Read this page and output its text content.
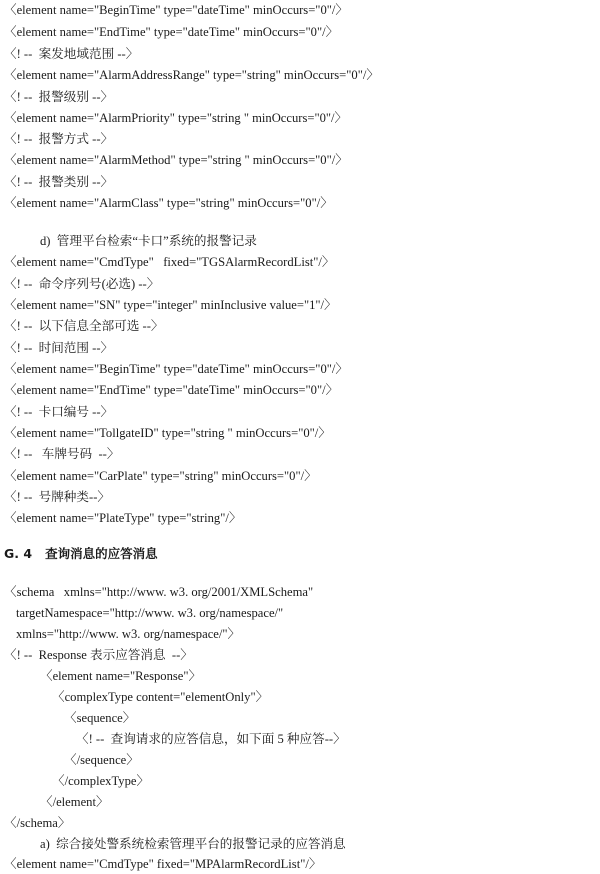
〈element name="BeginTime" type="dateTime" minOccurs="0"/〉
〈element name="EndTime" type="dateTime" minOccurs="0"/〉
〈! --  案发地域范围 --〉
〈element name="AlarmAddressRange" type="string" minOccurs="0"/〉
〈! --  报警级别 --〉
〈element name="AlarmPriority" type="string " minOccurs="0"/〉
〈! --  报警方式 --〉
〈element name="AlarmMethod" type="string " minOccurs="0"/〉
〈! --  报警类别 --〉
〈element name="AlarmClass" type="string" minOccurs="0"/〉
d)  管理平台检索“卡口”系统的报警记录
〈element name="CmdType"   fixed="TGSAlarmRecordList"/〉
〈! --  命令序列号(必选) --〉
〈element name="SN" type="integer" minInclusive value="1"/〉
〈! --  以下信息全部可选 --〉
〈! --  时间范围 --〉
〈element name="BeginTime" type="dateTime" minOccurs="0"/〉
〈element name="EndTime" type="dateTime" minOccurs="0"/〉
〈! --  卡口编号 --〉
〈element name="TollgateID" type="string " minOccurs="0"/〉
〈! --   车牌号码  --〉
〈element name="CarPlate" type="string" minOccurs="0"/〉
〈! --  号牌种类--〉
〈element name="PlateType" type="string"/〉
G. 4   查询消息的应答消息
〈schema   xmlns="http://www. w3. org/2001/XMLSchema"
targetNamespace="http://www. w3. org/namespace/"
xmlns="http://www. w3. org/namespace/"〉
〈! --  Response 表示应答消息  --〉
〈element name="Response"〉
〈complexType content="elementOnly"〉
〈sequence〉
〈! --  查询请求的应答信息，如下面 5 种应答--〉
〈/sequence〉
〈/complexType〉
〈/element〉
〈/schema〉
a)  综合接处警系统检索管理平台的报警记录的应答消息
〈element name="CmdType" fixed="MPAlarmRecordList"/〉
